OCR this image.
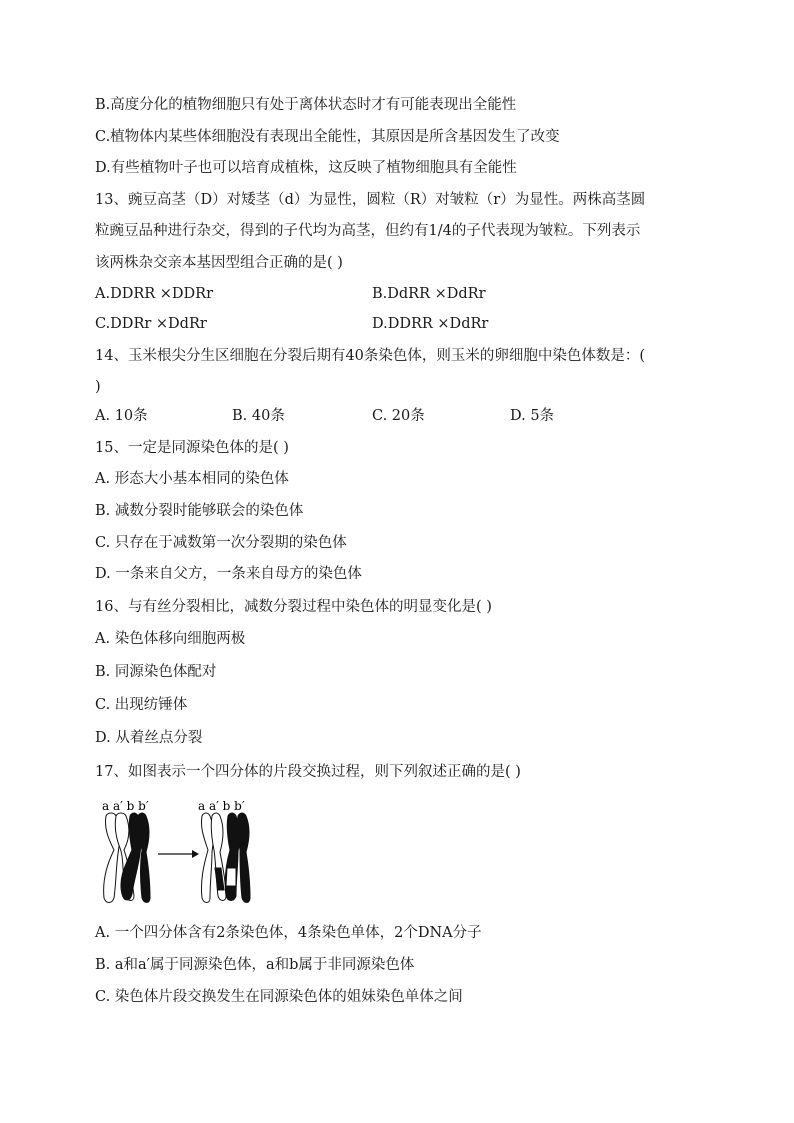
B.高度分化的植物细胞只有处于离体状态时才有可能表现出全能性
C.植物体内某些体细胞没有表现出全能性，其原因是所含基因发生了改变
D.有些植物叶子也可以培育成植株，这反映了植物细胞具有全能性
13、豌豆高茎（D）对矮茎（d）为显性，圆粒（R）对皱粒（r）为显性。两株高茎圆
粒豌豆品种进行杂交，得到的子代均为高茎，但约有1/4的子代表现为皱粒。下列表示
该两株杂交亲本基因型组合正确的是( )
A.DDRR ×DDRr	B.DdRR ×DdRr
C.DDRr ×DdRr	D.DDRR ×DdRr
14、玉米根尖分生区细胞在分裂后期有40条染色体，则玉米的卵细胞中染色体数是：(
)
A. 10条	B. 40条	C. 20条	D. 5条
15、一定是同源染色体的是( )
A. 形态大小基本相同的染色体
B. 减数分裂时能够联会的染色体
C. 只存在于减数第一次分裂期的染色体
D. 一条来自父方，一条来自母方的染色体
16、与有丝分裂相比，减数分裂过程中染色体的明显变化是( )
A. 染色体移向细胞两极
B. 同源染色体配对
C. 出现纺锤体
D. 从着丝点分裂
17、如图表示一个四分体的片段交换过程，则下列叙述正确的是( )
a a′ b b′	a a′ b b′
A. 一个四分体含有2条染色体，4条染色单体，2个DNA分子
B. a和a′属于同源染色体，a和b属于非同源染色体
C. 染色体片段交换发生在同源染色体的姐妹染色单体之间
